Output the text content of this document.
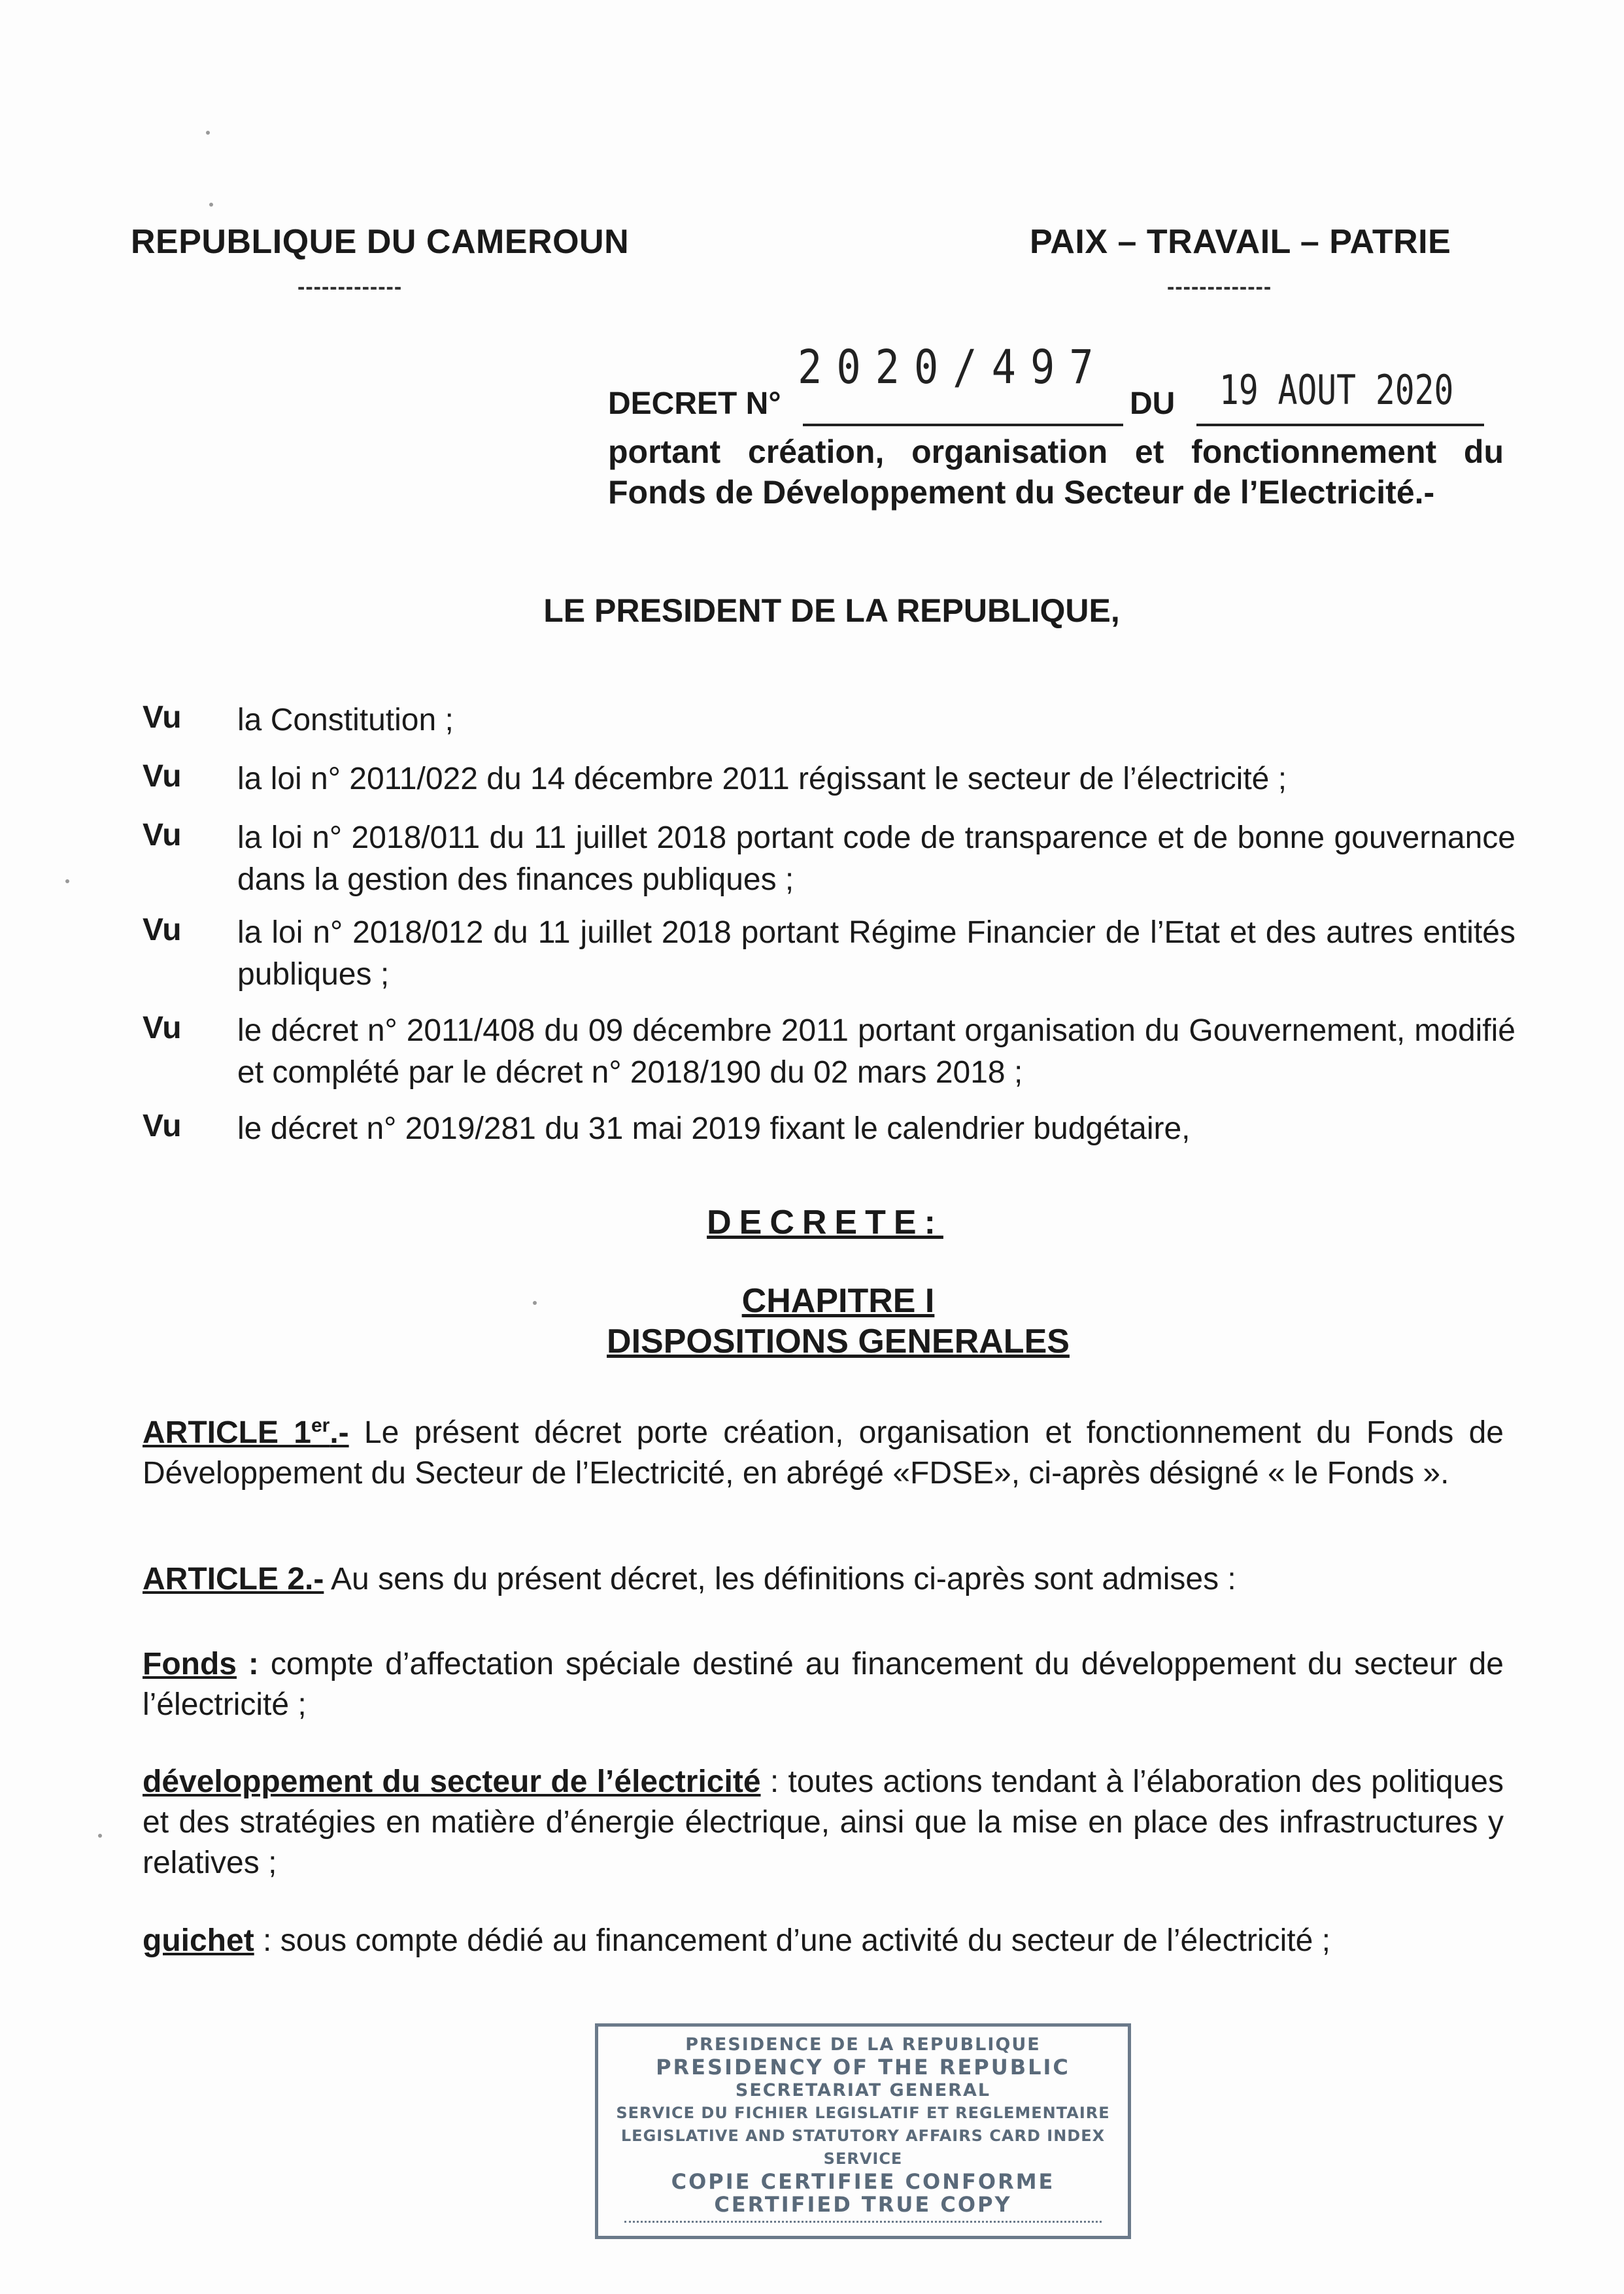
REPUBLIQUE DU CAMEROUN	PAIX – TRAVAIL – PATRIE
-------------	-------------
DECRET N°
2020/497
DU 19 AOUT 2020
portant création, organisation et fonctionnement du Fonds de Développement du Secteur de l’Electricité.-
LE PRESIDENT DE LA REPUBLIQUE,
Vu la Constitution ;
Vu la loi n° 2011/022 du 14 décembre 2011 régissant le secteur de l’électricité ;
Vu la loi n° 2018/011 du 11 juillet 2018 portant code de transparence et de bonne gouvernance dans la gestion des finances publiques ;
Vu la loi n° 2018/012 du 11 juillet 2018 portant Régime Financier de l’Etat et des autres entités publiques ;
Vu le décret n° 2011/408 du 09 décembre 2011 portant organisation du Gouvernement, modifié et complété par le décret n° 2018/190 du 02 mars 2018 ;
Vu le décret n° 2019/281 du 31 mai 2019 fixant le calendrier budgétaire,
DECRETE:
CHAPITRE I
DISPOSITIONS GENERALES
ARTICLE 1er.- Le présent décret porte création, organisation et fonctionnement du Fonds de Développement du Secteur de l’Electricité, en abrégé «FDSE», ci-après désigné « le Fonds ».
ARTICLE 2.- Au sens du présent décret, les définitions ci-après sont admises :
Fonds : compte d’affectation spéciale destiné au financement du développement du secteur de l’électricité ;
développement du secteur de l’électricité : toutes actions tendant à l’élaboration des politiques et des stratégies en matière d’énergie électrique, ainsi que la mise en place des infrastructures y relatives ;
guichet : sous compte dédié au financement d’une activité du secteur de l’électricité ;
PRESIDENCE DE LA REPUBLIQUE
PRESIDENCY OF THE REPUBLIC
SECRETARIAT GENERAL
SERVICE DU FICHIER LEGISLATIF ET REGLEMENTAIRE
LEGISLATIVE AND STATUTORY AFFAIRS CARD INDEX SERVICE
COPIE CERTIFIEE CONFORME
CERTIFIED TRUE COPY
